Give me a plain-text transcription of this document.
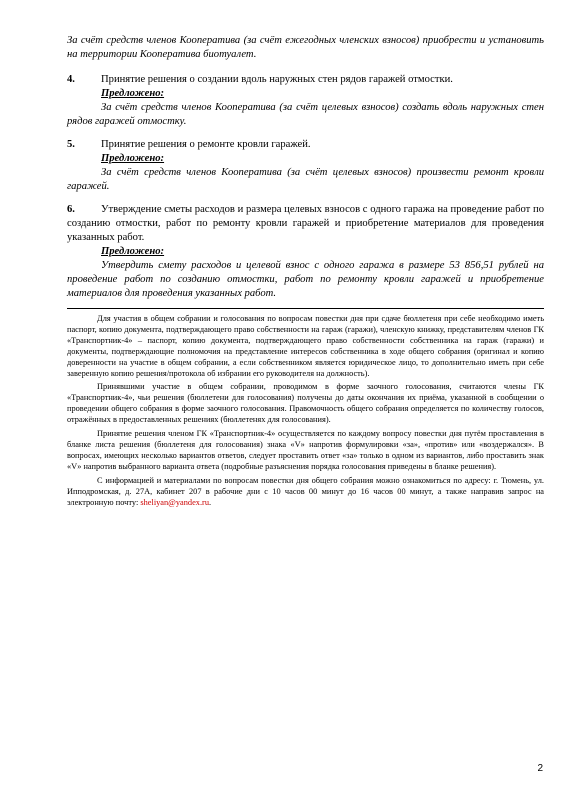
За счёт средств членов Кооператива (за счёт ежегодных членских взносов) приобрести и установить на территории Кооператива биотуалет.
4. Принятие решения о создании вдоль наружных стен рядов гаражей отмостки.
Предложено:
За счёт средств членов Кооператива (за счёт целевых взносов) создать вдоль наружных стен рядов гаражей отмостку.
5. Принятие решения о ремонте кровли гаражей.
Предложено:
За счёт средств членов Кооператива (за счёт целевых взносов) произвести ремонт кровли гаражей.
6.	Утверждение сметы расходов и размера целевых взносов с одного гаража на проведение работ по созданию отмостки, работ по ремонту кровли гаражей и приобретение материалов для проведения указанных работ.
Предложено:
Утвердить смету расходов и целевой взнос с одного гаража в размере 53 856,51 рублей на проведение работ по созданию отмостки, работ по ремонту кровли гаражей и приобретение материалов для проведения указанных работ.

Для участия в общем собрании и голосования по вопросам повестки дня при сдаче бюллетеня при себе необходимо иметь паспорт, копию документа, подтверждающего право собственности на гараж (гаражи), членскую книжку, представителям членов ГК «Транспортник-4» – паспорт, копию документа, подтверждающего право собственности собственника на гараж (гаражи) и документы, подтверждающие полномочия на представление интересов собственника в ходе общего собрания (оригинал и копию доверенности на участие в общем собрании, а если собственником является юридическое лицо, то дополнительно иметь при себе заверенную копию решения/протокола об избрании его руководителя на должность).

Принявшими участие в общем собрании, проводимом в форме заочного голосования, считаются члены ГК «Транспортник-4», чьи решения (бюллетени для голосования) получены до даты окончания их приёма, указанной в сообщении о проведении общего собрания в форме заочного голосования. Правомочность общего собрания определяется по количеству голосов, отражённых в предоставленных решениях (бюллетенях для голосования).

Принятие решения членом ГК «Транспортник-4» осуществляется по каждому вопросу повестки дня путём проставления в бланке листа решения (бюллетеня для голосования) знака «V» напротив формулировки «за», «против» или «воздержался». В вопросах, имеющих несколько вариантов ответов, следует проставить ответ «за» только в одном из вариантов, либо проставить знак «V» напротив выбранного варианта ответа (подробные разъяснения порядка голосования приведены в бланке решения).

С информацией и материалами по вопросам повестки дня общего собрания можно ознакомиться по адресу: г. Тюмень, ул. Ипподромская, д. 27А, кабинет 207 в рабочие дни с 10 часов 00 минут до 16 часов 00 минут, а также направив запрос на электронную почту: sheliyan@yandex.ru.

2
